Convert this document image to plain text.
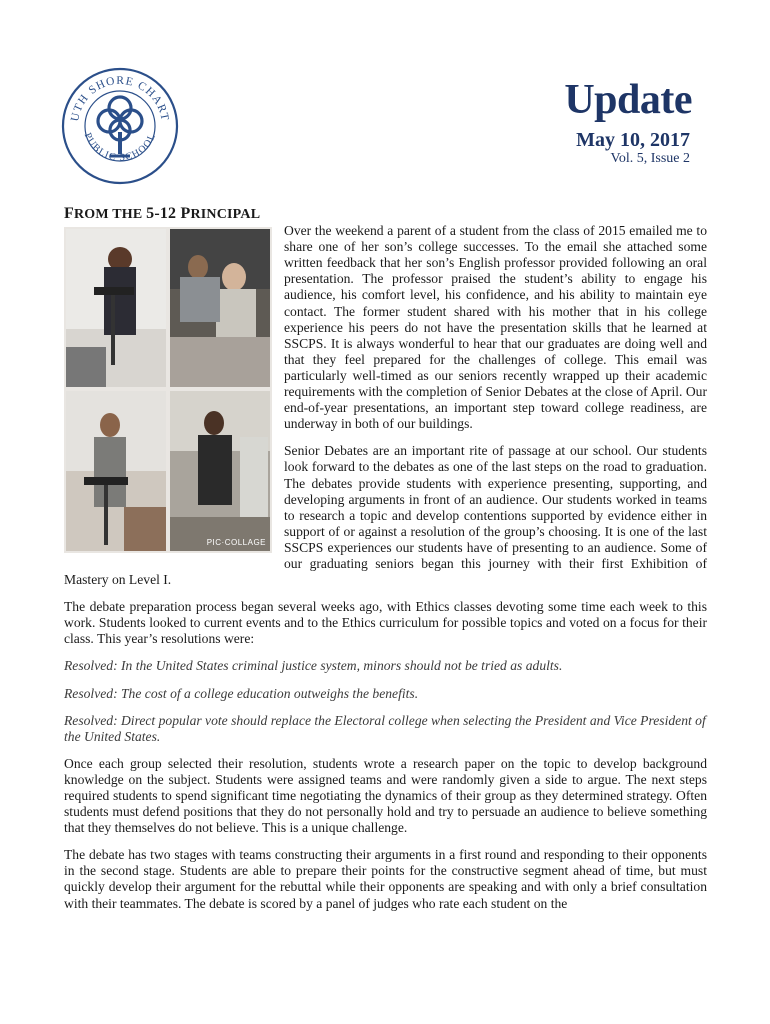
UTH SHORE CHART
PUBLIC SCHOOL
Update
May 10, 2017
Vol. 5, Issue 2
FROM THE 5-12 PRINCIPAL
PIC·COLLAGE

Over the weekend a parent of a student from the class of 2015 emailed me to share one of her son’s college successes. To the email she attached some written feedback that her son’s English professor provided following an oral presentation. The professor praised the student’s ability to engage his audience, his comfort level, his confidence, and his ability to maintain eye contact. The former student shared with his mother that in his college experience his peers do not have the presentation skills that he learned at SSCPS. It is always wonderful to hear that our graduates are doing well and that they feel prepared for the challenges of college. This email was particularly well-timed as our seniors recently wrapped up their academic requirements with the completion of Senior Debates at the close of April. Our end-of-year presentations, an important step toward college readiness, are underway in both of our buildings.

Senior Debates are an important rite of passage at our school. Our students look forward to the debates as one of the last steps on the road to graduation. The debates provide students with experience presenting, supporting, and developing arguments in front of an audience. Our students worked in teams to research a topic and develop contentions supported by evidence either in support of or against a resolution of the group’s choosing. It is one of the last SSCPS experiences our students have of presenting to an audience. Some of our graduating seniors began this journey with their first Exhibition of Mastery on Level I.

The debate preparation process began several weeks ago, with Ethics classes devoting some time each week to this work. Students looked to current events and to the Ethics curriculum for possible topics and voted on a focus for their class. This year’s resolutions were:

Resolved: In the United States criminal justice system, minors should not be tried as adults.

Resolved: The cost of a college education outweighs the benefits.

Resolved: Direct popular vote should replace the Electoral college when selecting the President and Vice President of the United States.

Once each group selected their resolution, students wrote a research paper on the topic to develop background knowledge on the subject. Students were assigned teams and were randomly given a side to argue. The next steps required students to spend significant time negotiating the dynamics of their group as they determined strategy. Often students must defend positions that they do not personally hold and try to persuade an audience to believe something that they themselves do not believe. This is a unique challenge.

The debate has two stages with teams constructing their arguments in a first round and responding to their opponents in the second stage. Students are able to prepare their points for the constructive segment ahead of time, but must quickly develop their argument for the rebuttal while their opponents are speaking and with only a brief consultation with their teammates. The debate is scored by a panel of judges who rate each student on the
